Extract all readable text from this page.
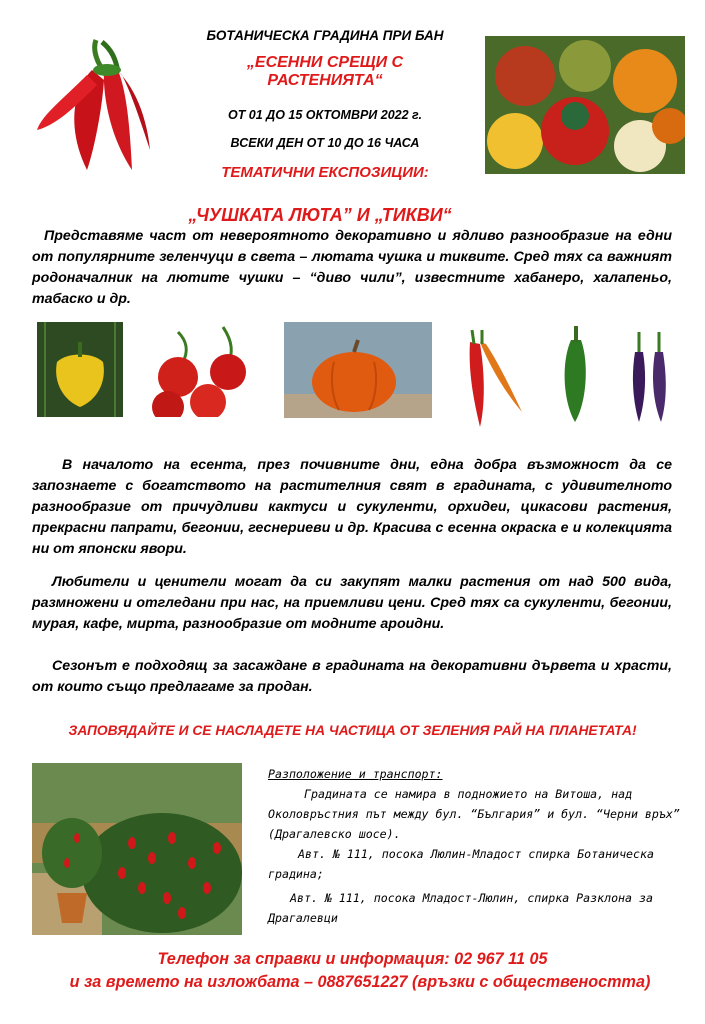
БОТАНИЧЕСКА ГРАДИНА ПРИ БАН
„ЕСЕННИ СРЕЩИ С РАСТЕНИЯТА“
ОТ 01 ДО 15 ОКТОМВРИ 2022 г.
ВСЕКИ ДЕН ОТ 10 ДО 16 ЧАСА
ТЕМАТИЧНИ ЕКСПОЗИЦИИ:
„ЧУШКАТА ЛЮТА” И „ТИКВИ“
Представяме част от невероятното декоративно и ядливо разнообразие на едни от популярните зеленчуци в света – лютата чушка и тиквите. Сред тях са важният родоначалник на лютите чушки – “диво чили”, известните хабанеро, халапеньо, табаско и др.
В началото на есента, през почивните дни, една добра възможност да се запознаете с богатството на растителния свят в градината, с удивителното разнообразие от причудливи кактуси и сукуленти, орхидеи, цикасови растения, прекрасни папрати, бегонии, геснериеви и др. Красива с есенна окраска е и колекцията ни от японски явори.
Любители и ценители могат да си закупят малки растения от над 500 вида, размножени и отгледани при нас, на приемливи цени. Сред тях са сукуленти, бегонии, мурая, кафе, мирта, разнообразие от модните ароидни.
Сезонът е подходящ за засаждане в градината на декоративни дървета и храсти, от които също предлагаме за продан.
ЗАПОВЯДАЙТЕ И СЕ НАСЛАДЕТЕ НА ЧАСТИЦА ОТ ЗЕЛЕНИЯ РАЙ НА ПЛАНЕТАТА!
Разположение и транспорт:
Градината се намира в подножието на Витоша, над Околовръстния път между бул. “България” и бул. “Черни връх” (Драгалевско шосе).
Авт. № 111, посока Люлин-Младост спирка Ботаническа градина;
Авт. № 111, посока Младост-Люлин, спирка Разклона за Драгалевци
Телефон за справки и информация: 02 967 11 05
и за времето на изложбата – 0887651227 (връзки с обществеността)
